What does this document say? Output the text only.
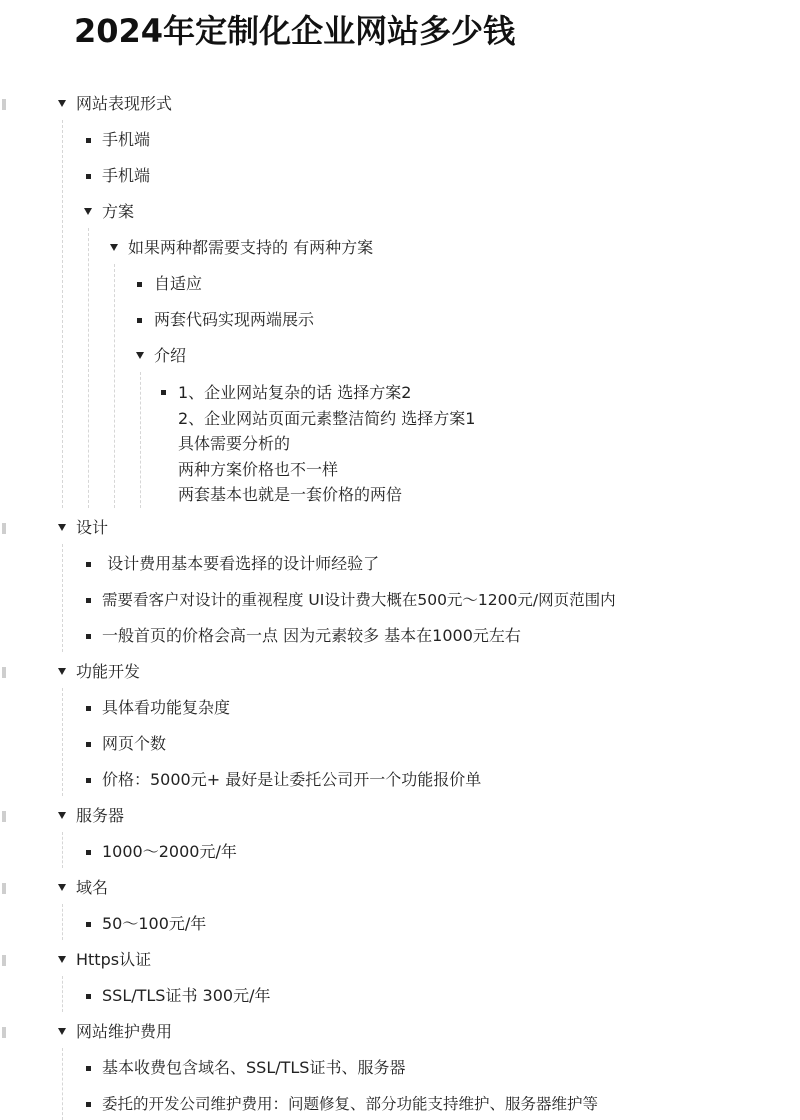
2024年定制化企业网站多少钱
网站表现形式
手机端
手机端
方案
如果两种都需要支持的 有两种方案
自适应
两套代码实现两端展示
介绍
1、企业网站复杂的话 选择方案2
2、企业网站页面元素整洁简约 选择方案1
具体需要分析的
两种方案价格也不一样
两套基本也就是一套价格的两倍
设计
设计费用基本要看选择的设计师经验了
需要看客户对设计的重视程度 UI设计费大概在500元～1200元/网页范围内
一般首页的价格会高一点 因为元素较多 基本在1000元左右
功能开发
具体看功能复杂度
网页个数
价格：5000元+ 最好是让委托公司开一个功能报价单
服务器
1000～2000元/年
域名
50～100元/年
Https认证
SSL/TLS证书 300元/年
网站维护费用
基本收费包含域名、SSL/TLS证书、服务器
委托的开发公司维护费用：问题修复、部分功能支持维护、服务器维护等
